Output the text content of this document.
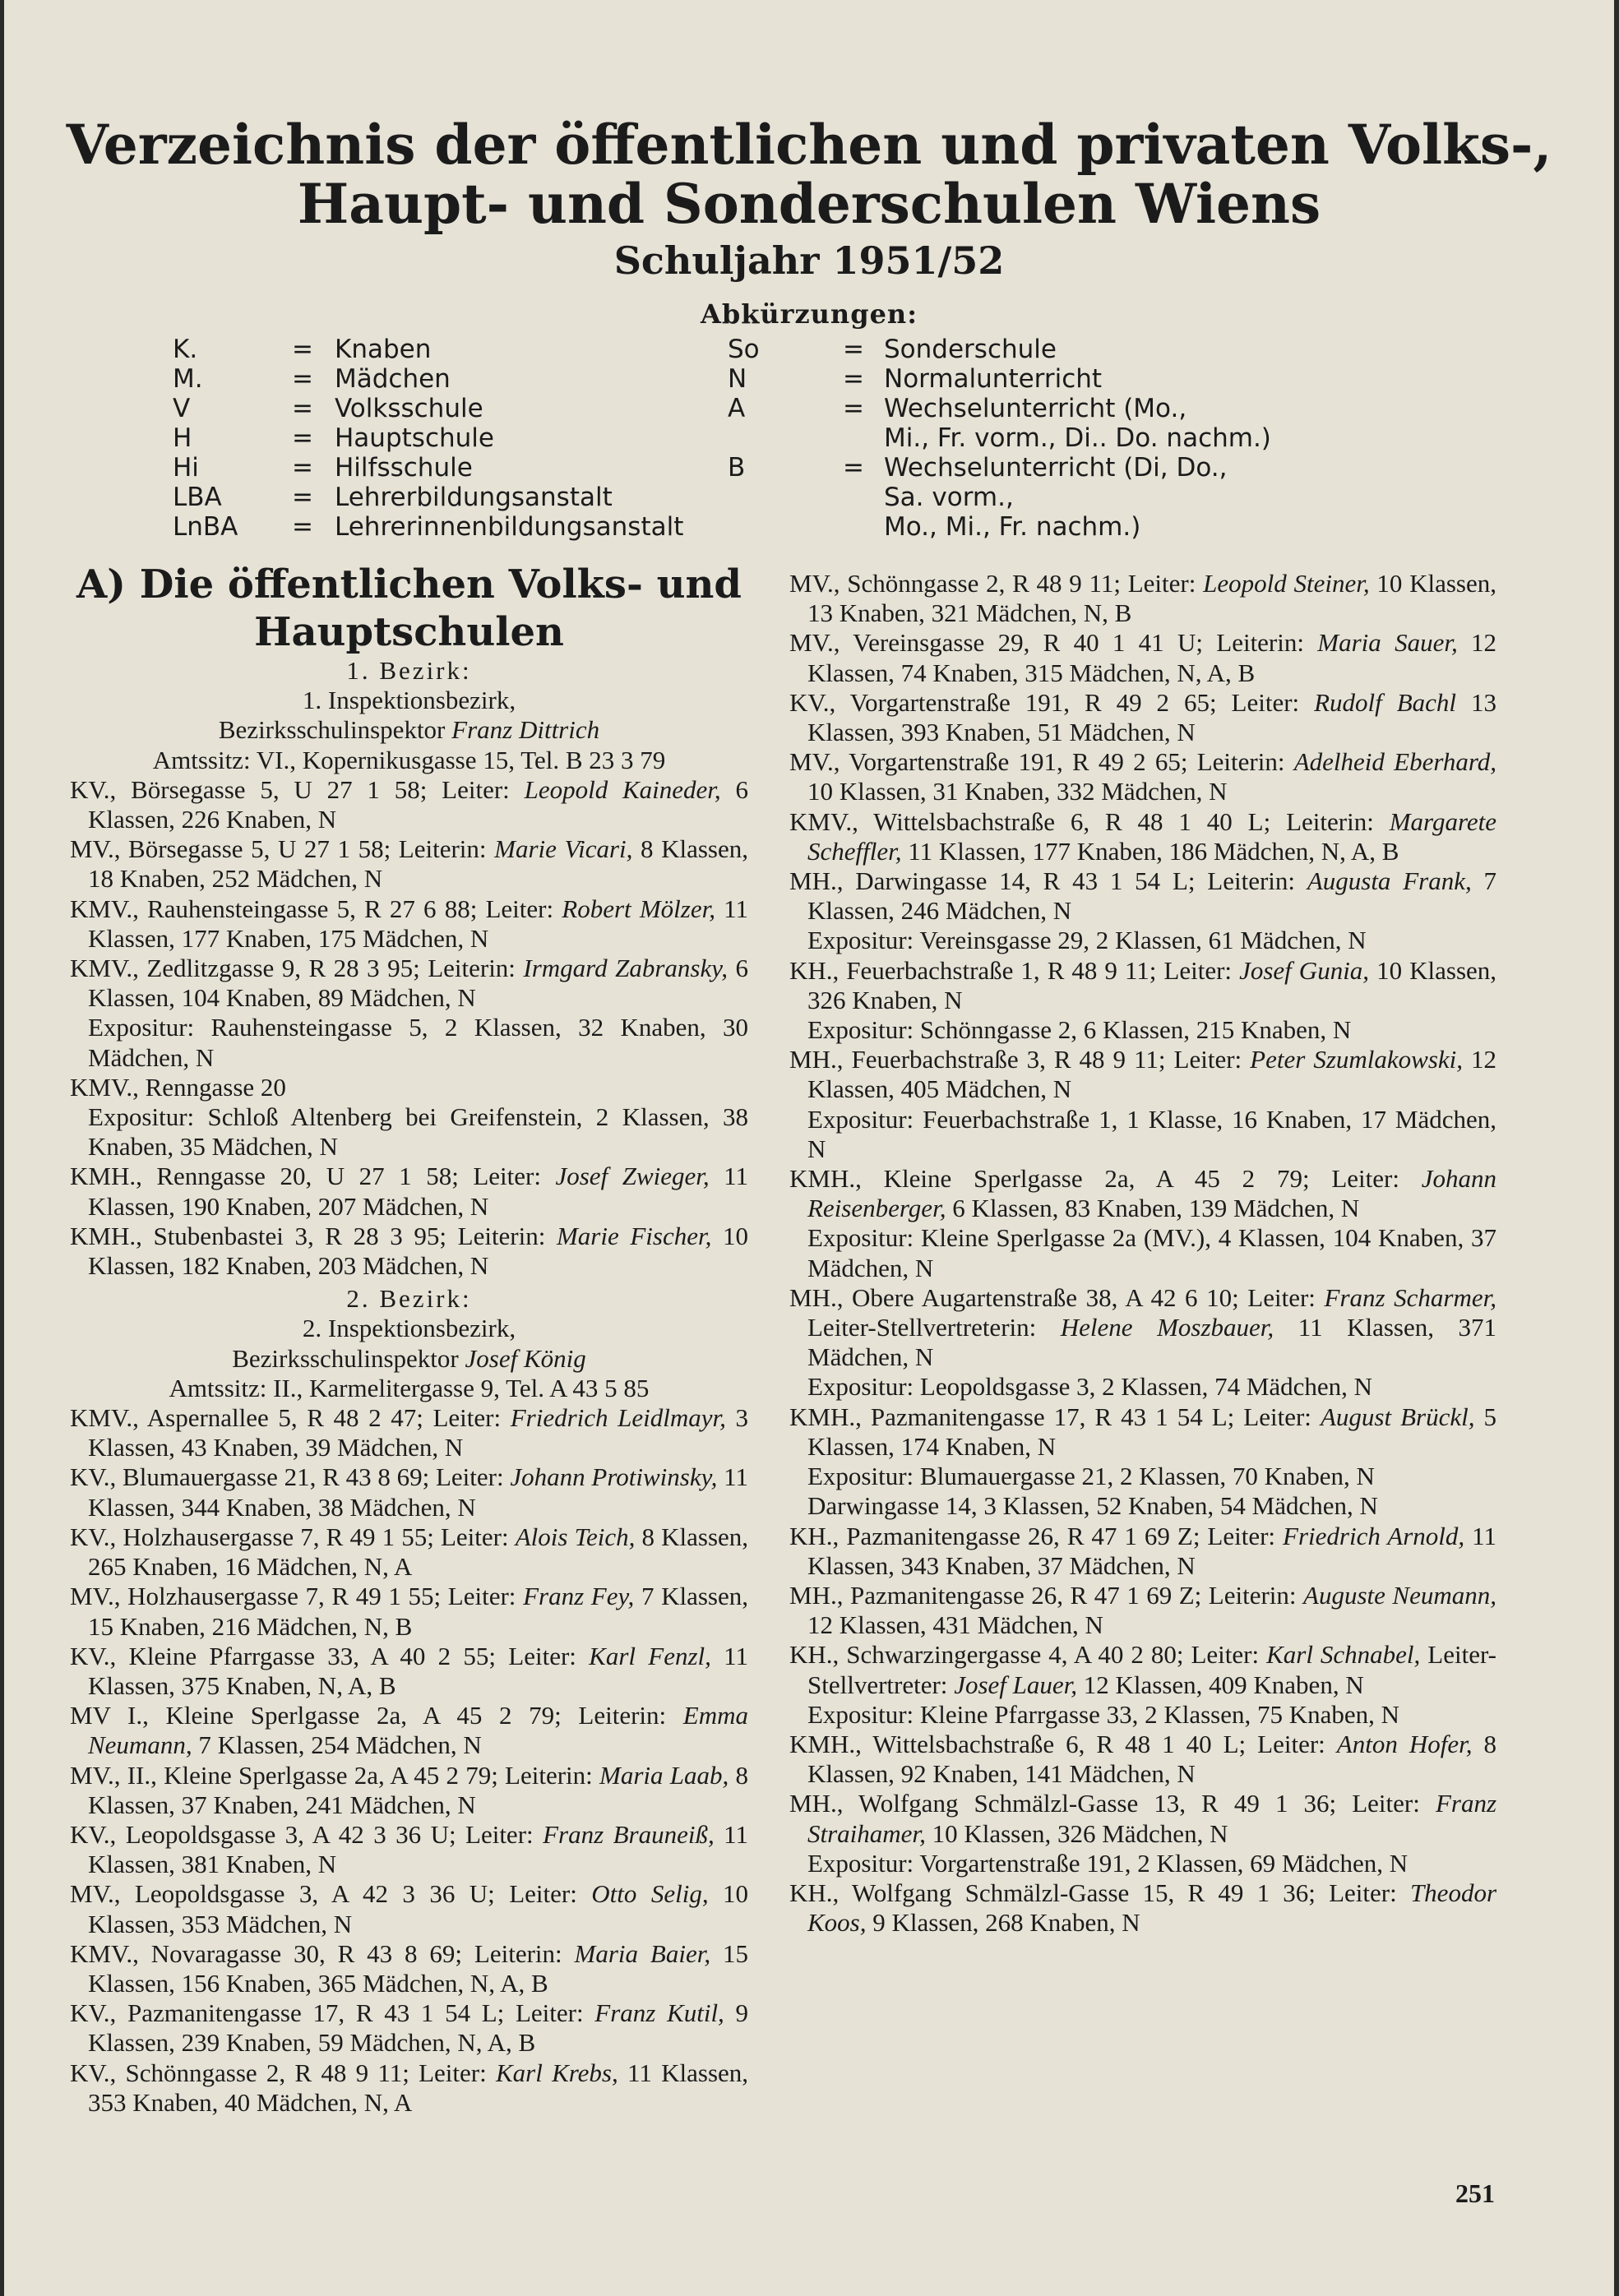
Verzeichnis der öffentlichen und privaten Volks-,
Haupt- und Sonderschulen Wiens
Schuljahr 1951/52
Abkürzungen:
K.	= Knaben
M.	= Mädchen
V	= Volksschule
H	= Hauptschule
Hi	= Hilfsschule
LBA	= Lehrerbildungsanstalt
LnBA = Lehrerinnenbildungsanstalt
So	= Sonderschule
N	= Normalunterricht
A	= Wechselunterricht (Mo.,
Mi., Fr. vorm., Di.. Do. nachm.)
B	= Wechselunterricht (Di, Do.,
Sa. vorm.,
Mo., Mi., Fr. nachm.)
A) Die öffentlichen Volks- und
Hauptschulen
1. Bezirk:
1. Inspektionsbezirk,
Bezirksschulinspektor Franz Dittrich
Amtssitz: VI., Kopernikusgasse 15, Tel. B 23 3 79
KV., Börsegasse 5, U 27 1 58; Leiter: Leopold Kaineder, 6 Klassen, 226 Knaben, N
MV., Börsegasse 5, U 27 1 58; Leiterin: Marie Vicari, 8 Klassen, 18 Knaben, 252 Mädchen, N
KMV., Rauhensteingasse 5, R 27 6 88; Leiter: Robert Mölzer, 11 Klassen, 177 Knaben, 175 Mädchen, N
KMV., Zedlitzgasse 9, R 28 3 95; Leiterin: Irmgard Zabransky, 6 Klassen, 104 Knaben, 89 Mädchen, N
Expositur: Rauhensteingasse 5, 2 Klassen, 32 Knaben, 30 Mädchen, N
KMV., Renngasse 20
Expositur: Schloß Altenberg bei Greifenstein, 2 Klassen, 38 Knaben, 35 Mädchen, N
KMH., Renngasse 20, U 27 1 58; Leiter: Josef Zwieger, 11 Klassen, 190 Knaben, 207 Mädchen, N
KMH., Stubenbastei 3, R 28 3 95; Leiterin: Marie Fischer, 10 Klassen, 182 Knaben, 203 Mädchen, N
2. Bezirk:
2. Inspektionsbezirk,
Bezirksschulinspektor Josef König
Amtssitz: II., Karmelitergasse 9, Tel. A 43 5 85
KMV., Aspernallee 5, R 48 2 47; Leiter: Friedrich Leidlmayr, 3 Klassen, 43 Knaben, 39 Mädchen, N
KV., Blumauergasse 21, R 43 8 69; Leiter: Johann Protiwinsky, 11 Klassen, 344 Knaben, 38 Mädchen, N
KV., Holzhausergasse 7, R 49 1 55; Leiter: Alois Teich, 8 Klassen, 265 Knaben, 16 Mädchen, N, A
MV., Holzhausergasse 7, R 49 1 55; Leiter: Franz Fey, 7 Klassen, 15 Knaben, 216 Mädchen, N, B
KV., Kleine Pfarrgasse 33, A 40 2 55; Leiter: Karl Fenzl, 11 Klassen, 375 Knaben, N, A, B
MV I., Kleine Sperlgasse 2a, A 45 2 79; Leiterin: Emma Neumann, 7 Klassen, 254 Mädchen, N
MV., II., Kleine Sperlgasse 2a, A 45 2 79; Leiterin: Maria Laab, 8 Klassen, 37 Knaben, 241 Mädchen, N
KV., Leopoldsgasse 3, A 42 3 36 U; Leiter: Franz Brauneiß, 11 Klassen, 381 Knaben, N
MV., Leopoldsgasse 3, A 42 3 36 U; Leiter: Otto Selig, 10 Klassen, 353 Mädchen, N
KMV., Novaragasse 30, R 43 8 69; Leiterin: Maria Baier, 15 Klassen, 156 Knaben, 365 Mädchen, N, A, B
KV., Pazmanitengasse 17, R 43 1 54 L; Leiter: Franz Kutil, 9 Klassen, 239 Knaben, 59 Mädchen, N, A, B
KV., Schönngasse 2, R 48 9 11; Leiter: Karl Krebs, 11 Klassen, 353 Knaben, 40 Mädchen, N, A
MV., Schönngasse 2, R 48 9 11; Leiter: Leopold Steiner, 10 Klassen, 13 Knaben, 321 Mädchen, N, B
MV., Vereinsgasse 29, R 40 1 41 U; Leiterin: Maria Sauer, 12 Klassen, 74 Knaben, 315 Mädchen, N, A, B
KV., Vorgartenstraße 191, R 49 2 65; Leiter: Rudolf Bachl 13 Klassen, 393 Knaben, 51 Mädchen, N
MV., Vorgartenstraße 191, R 49 2 65; Leiterin: Adelheid Eberhard, 10 Klassen, 31 Knaben, 332 Mädchen, N
KMV., Wittelsbachstraße 6, R 48 1 40 L; Leiterin: Margarete Scheffler, 11 Klassen, 177 Knaben, 186 Mädchen, N, A, B
MH., Darwingasse 14, R 43 1 54 L; Leiterin: Augusta Frank, 7 Klassen, 246 Mädchen, N
Expositur: Vereinsgasse 29, 2 Klassen, 61 Mädchen, N
KH., Feuerbachstraße 1, R 48 9 11; Leiter: Josef Gunia, 10 Klassen, 326 Knaben, N
Expositur: Schönngasse 2, 6 Klassen, 215 Knaben, N
MH., Feuerbachstraße 3, R 48 9 11; Leiter: Peter Szumlakowski, 12 Klassen, 405 Mädchen, N
Expositur: Feuerbachstraße 1, 1 Klasse, 16 Knaben, 17 Mädchen, N
KMH., Kleine Sperlgasse 2a, A 45 2 79; Leiter: Johann Reisenberger, 6 Klassen, 83 Knaben, 139 Mädchen, N
Expositur: Kleine Sperlgasse 2a (MV.), 4 Klassen, 104 Knaben, 37 Mädchen, N
MH., Obere Augartenstraße 38, A 42 6 10; Leiter: Franz Scharmer, Leiter-Stellvertreterin: Helene Moszbauer, 11 Klassen, 371 Mädchen, N
Expositur: Leopoldsgasse 3, 2 Klassen, 74 Mädchen, N
KMH., Pazmanitengasse 17, R 43 1 54 L; Leiter: August Brückl, 5 Klassen, 174 Knaben, N
Expositur: Blumauergasse 21, 2 Klassen, 70 Knaben, N
Darwingasse 14, 3 Klassen, 52 Knaben, 54 Mädchen, N
KH., Pazmanitengasse 26, R 47 1 69 Z; Leiter: Friedrich Arnold, 11 Klassen, 343 Knaben, 37 Mädchen, N
MH., Pazmanitengasse 26, R 47 1 69 Z; Leiterin: Auguste Neumann, 12 Klassen, 431 Mädchen, N
KH., Schwarzingergasse 4, A 40 2 80; Leiter: Karl Schnabel, Leiter-Stellvertreter: Josef Lauer, 12 Klassen, 409 Knaben, N
Expositur: Kleine Pfarrgasse 33, 2 Klassen, 75 Knaben, N
KMH., Wittelsbachstraße 6, R 48 1 40 L; Leiter: Anton Hofer, 8 Klassen, 92 Knaben, 141 Mädchen, N
MH., Wolfgang Schmälzl-Gasse 13, R 49 1 36; Leiter: Franz Straihamer, 10 Klassen, 326 Mädchen, N
Expositur: Vorgartenstraße 191, 2 Klassen, 69 Mädchen, N
KH., Wolfgang Schmälzl-Gasse 15, R 49 1 36; Leiter: Theodor Koos, 9 Klassen, 268 Knaben, N
251
